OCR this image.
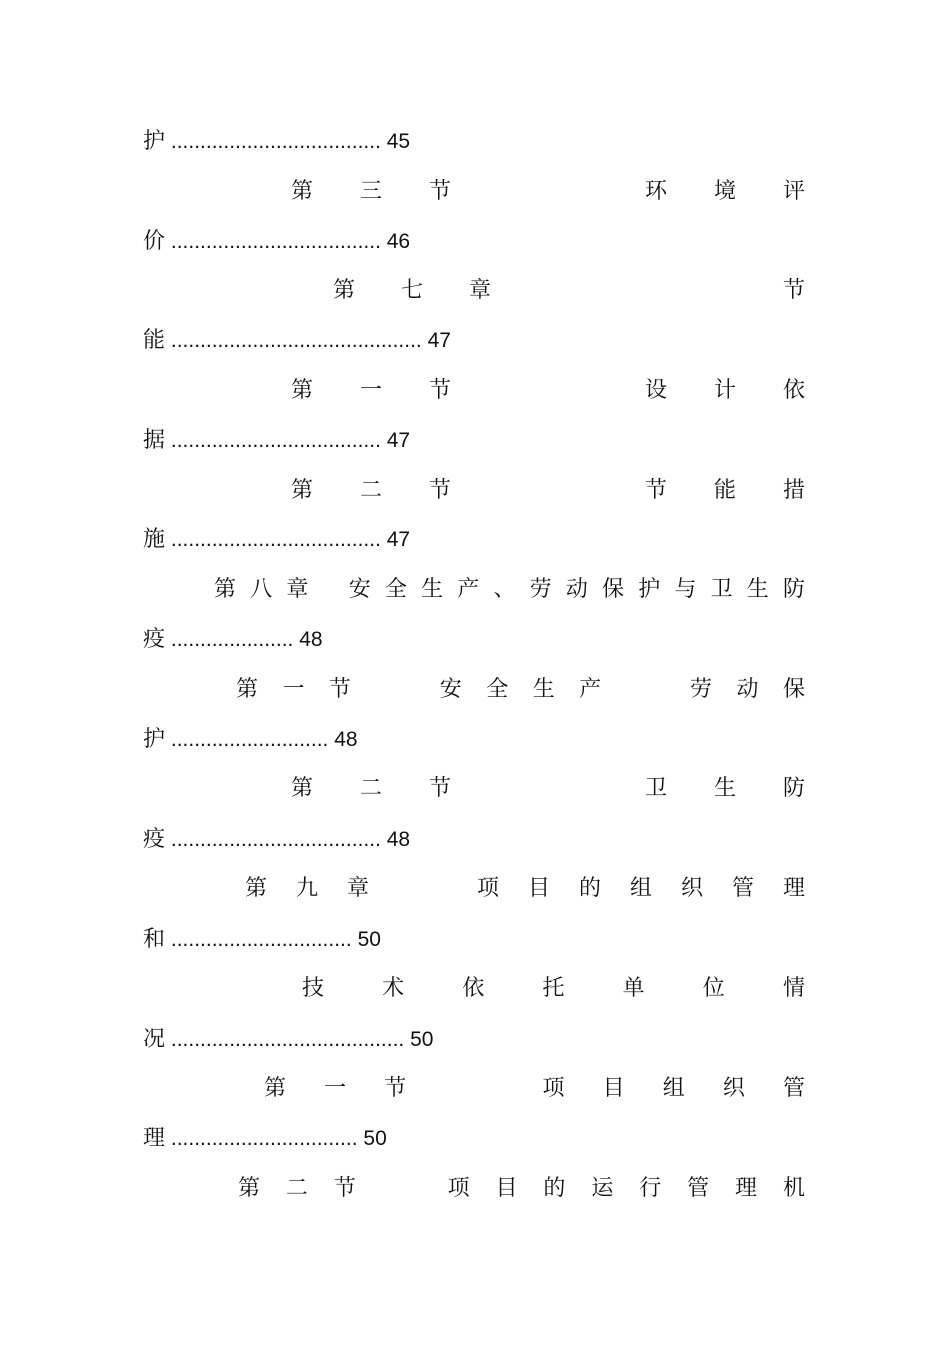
护 .................................... 45
第 三 节	环 境 评
价 .................................... 46
第 七 章	节
能 ........................................... 47
第 一 节	设 计 依
据 .................................... 47
第 二 节	节 能 措
施 .................................... 47
第 八 章 安 全 生 产 、 劳 动 保 护 与 卫 生 防
疫 ..................... 48
第 一 节	安 全 生 产	劳 动 保
护 ........................... 48
第 二 节	卫 生 防
疫 .................................... 48
第 九 章	项 目 的 组 织 管 理
和 ............................... 50
技	术	依	托	单	位	情
况 ........................................ 50
第 一 节	项 目 组 织 管
理 ................................ 50
第 二 节	项 目 的 运 行 管 理 机
